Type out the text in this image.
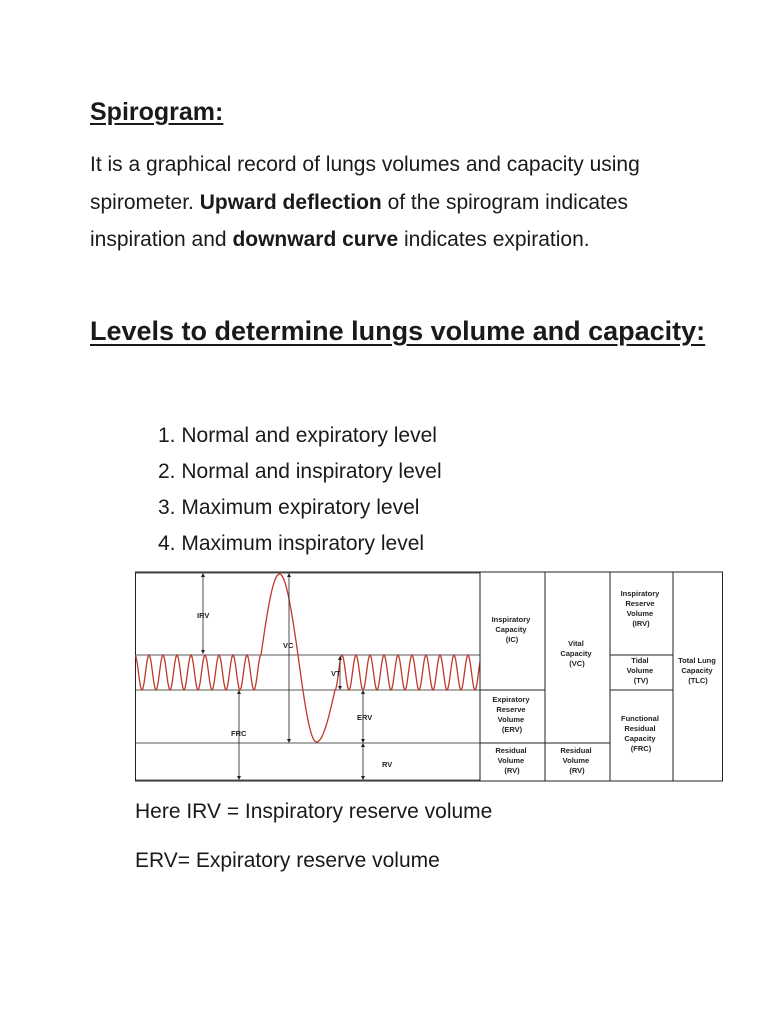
Spirogram:

It is a graphical record of lungs volumes and capacity using spirometer. Upward deflection of the spirogram indicates inspiration and downward curve indicates expiration.

Levels to determine lungs volume and capacity:
1. Normal and expiratory level
2. Normal and inspiratory level
3. Maximum expiratory level
4. Maximum inspiratory level
IRV
VC
VT
ERV
FRC
RV
Inspiratory Capacity (IC)
Expiratory Reserve Volume (ERV)
Residual Volume (RV)
Vital Capacity (VC)
Residual Volume (RV)
Inspiratory Reserve Volume (IRV)
Tidal Volume (TV)
Functional Residual Capacity (FRC)
Total Lung Capacity (TLC)

Here IRV = Inspiratory reserve volume

ERV= Expiratory reserve volume
